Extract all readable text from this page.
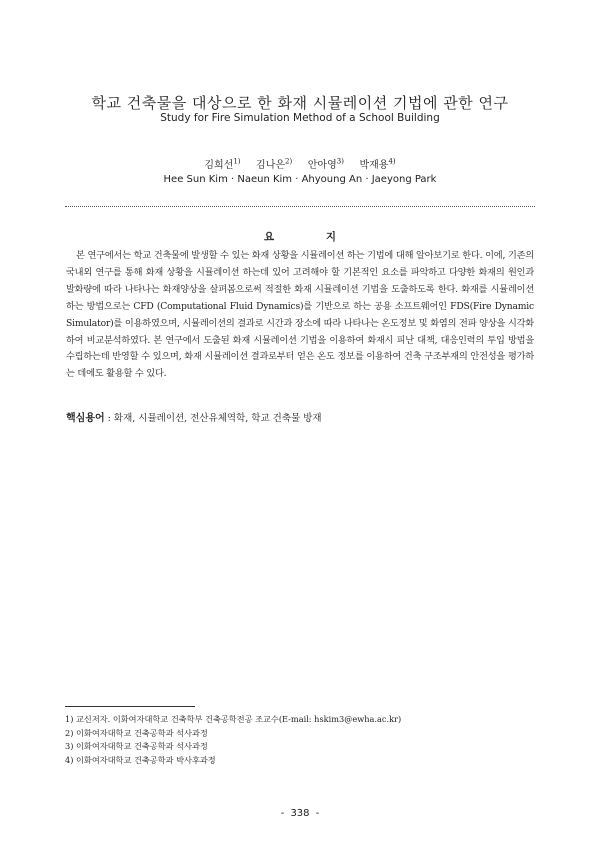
학교 건축물을 대상으로 한 화재 시뮬레이션 기법에 관한 연구
Study for Fire Simulation Method of a School Building
김희선$^{1)}$ 김나은$^{2)}$ 안아영$^{3)}$ 박재용$^{4)}$
Hee Sun Kim · Naeun Kim · Ahyoung An · Jaeyong Park
요 지
본 연구에서는 학교 건축물에 발생할 수 있는 화재 상황을 시뮬레이션 하는 기법에 대해 알아보기로 한다. 이에, 기존의 국내외 연구를 통해 화재 상황을 시뮬레이션 하는데 있어 고려해야 할 기본적인 요소를 파악하고 다양한 화재의 원인과 발화량에 따라 나타나는 화재양상을 살펴봄으로써 적절한 화재 시뮬레이션 기법을 도출하도록 한다. 화재를 시뮬레이션 하는 방법으로는 CFD (Computational Fluid Dynamics)를 기반으로 하는 공용 소프트웨어인 FDS(Fire Dynamic Simulator)를 이용하였으며, 시뮬레이션의 결과로 시간과 장소에 따라 나타나는 온도정보 및 화염의 전파 양상을 시각화하여 비교분석하였다. 본 연구에서 도출된 화재 시뮬레이션 기법을 이용하여 화재시 피난 대책, 대응인력의 투입 방법을 수립하는데 반영할 수 있으며, 화재 시뮬레이션 결과로부터 얻은 온도 정보를 이용하여 건축 구조부재의 안전성을 평가하는 데에도 활용할 수 있다.
핵심용어 : 화재, 시뮬레이션, 전산유체역학, 학교 건축물 방재
1) 교신저자. 이화여자대학교 건축학부 건축공학전공 조교수(E-mail: hskim3@ewha.ac.kr)
2) 이화여자대학교 건축공학과 석사과정
3) 이화여자대학교 건축공학과 석사과정
4) 이화여자대학교 건축공학과 박사후과정
- 338 -
